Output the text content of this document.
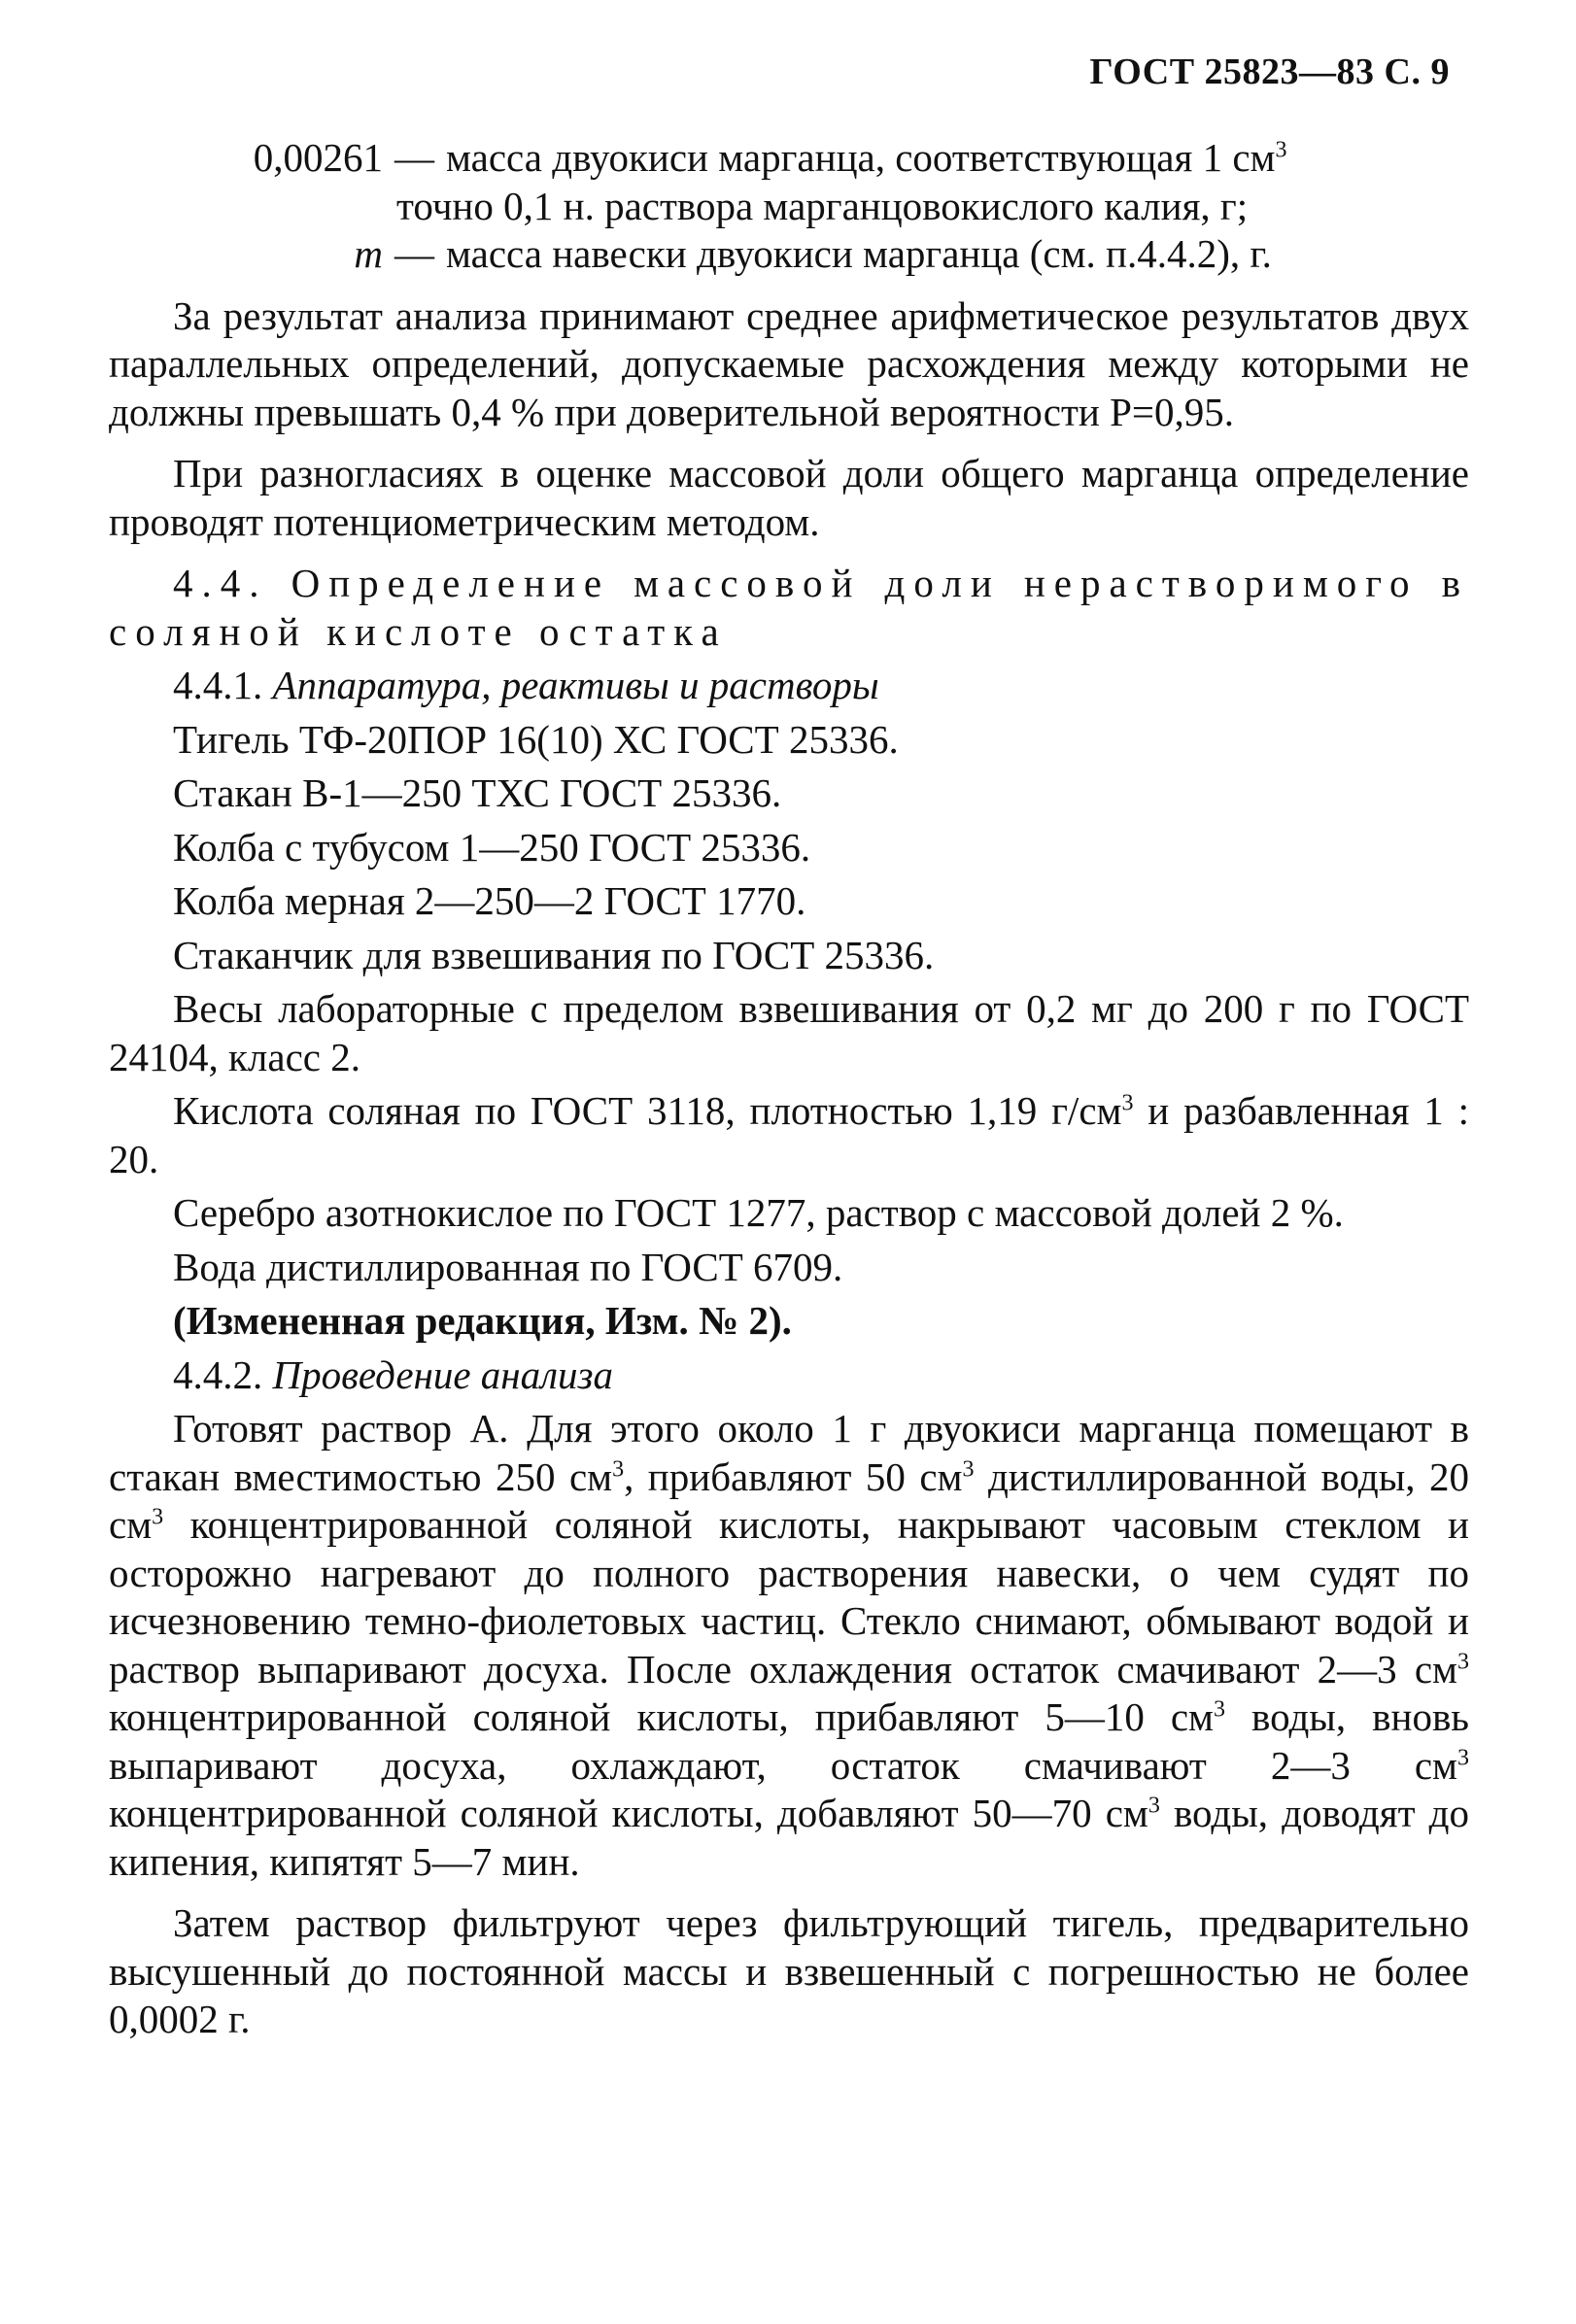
ГОСТ 25823—83 С. 9
0,00261 — масса двуокиси марганца, соответствующая 1 $см^3$
точно 0,1 н. раствора марганцовокислого калия, г;
m — масса навески двуокиси марганца (см. п.4.4.2), г.

За результат анализа принимают среднее арифметическое результатов двух параллельных определений, допускаемые расхождения между которыми не должны превышать 0,4 % при доверительной вероятности P=0,95.

При разногласиях в оценке массовой доли общего марганца определение проводят потенциометрическим методом.

4.4. Определение массовой доли нерастворимого в соляной кислоте остатка
4.4.1. Аппаратура, реактивы и растворы
Тигель ТФ-20ПОР 16(10) ХС ГОСТ 25336.
Стакан В-1—250 ТХС ГОСТ 25336.
Колба с тубусом 1—250 ГОСТ 25336.
Колба мерная 2—250—2 ГОСТ 1770.
Стаканчик для взвешивания по ГОСТ 25336.
Весы лабораторные с пределом взвешивания от 0,2 мг до 200 г по ГОСТ 24104, класс 2.
Кислота соляная по ГОСТ 3118, плотностью 1,19 $г/см^3$ и разбавленная 1 : 20.
Серебро азотнокислое по ГОСТ 1277, раствор с массовой долей 2 %.
Вода дистиллированная по ГОСТ 6709.
(Измененная редакция, Изм. № 2).
4.4.2. Проведение анализа

Готовят раствор А. Для этого около 1 г двуокиси марганца помещают в стакан вместимостью 250 $см^3$, прибавляют 50 $см^3$ дистиллированной воды, 20 $см^3$ концентрированной соляной кислоты, накрывают часовым стеклом и осторожно нагревают до полного растворения навески, о чем судят по исчезновению темно-фиолетовых частиц. Стекло снимают, обмывают водой и раствор выпаривают досуха. После охлаждения остаток смачивают 2—3 $см^3$ концентрированной соляной кислоты, прибавляют 5—10 $см^3$ воды, вновь выпаривают досуха, охлаждают, остаток смачивают 2—3 $см^3$ концентрированной соляной кислоты, добавляют 50—70 $см^3$ воды, доводят до кипения, кипятят 5—7 мин.

Затем раствор фильтруют через фильтрующий тигель, предварительно высушенный до постоянной массы и взвешенный с погрешностью не более 0,0002 г.
